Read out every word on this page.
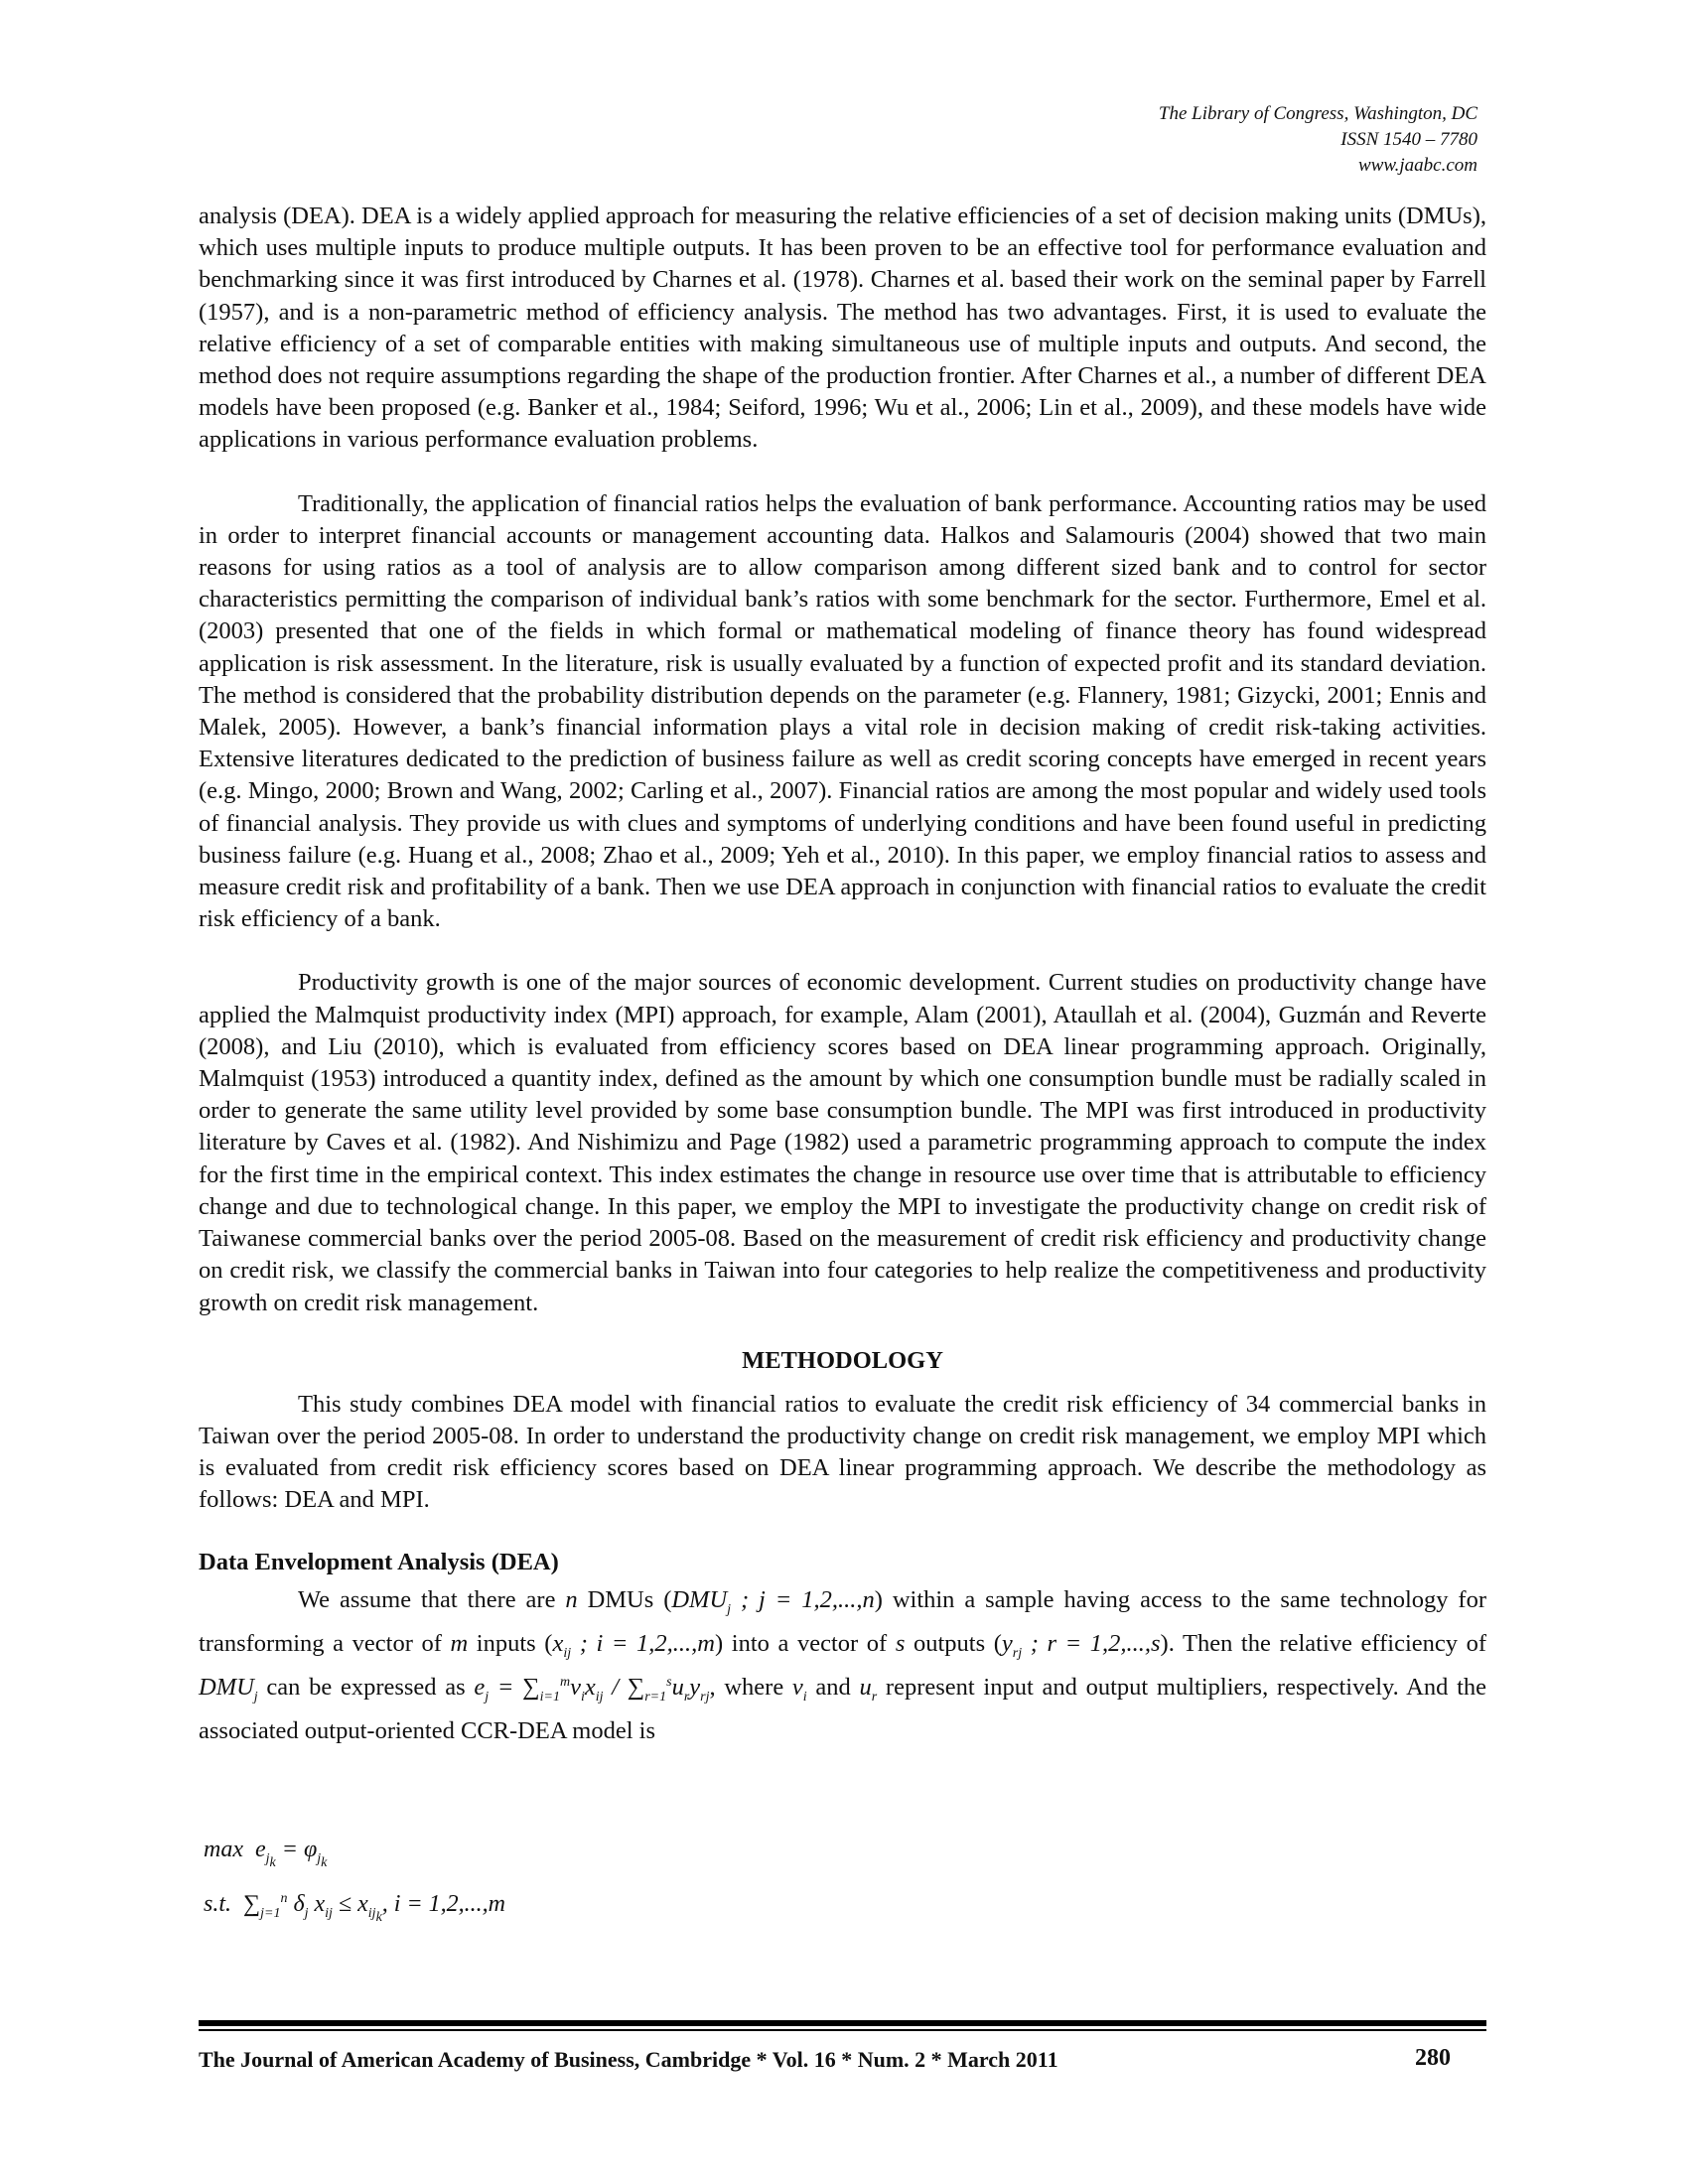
The Library of Congress, Washington, DC
ISSN 1540 – 7780
www.jaabc.com

analysis (DEA). DEA is a widely applied approach for measuring the relative efficiencies of a set of decision making units (DMUs), which uses multiple inputs to produce multiple outputs. It has been proven to be an effective tool for performance evaluation and benchmarking since it was first introduced by Charnes et al. (1978). Charnes et al. based their work on the seminal paper by Farrell (1957), and is a non-parametric method of efficiency analysis. The method has two advantages. First, it is used to evaluate the relative efficiency of a set of comparable entities with making simultaneous use of multiple inputs and outputs. And second, the method does not require assumptions regarding the shape of the production frontier. After Charnes et al., a number of different DEA models have been proposed (e.g. Banker et al., 1984; Seiford, 1996; Wu et al., 2006; Lin et al., 2009), and these models have wide applications in various performance evaluation problems.

Traditionally, the application of financial ratios helps the evaluation of bank performance. Accounting ratios may be used in order to interpret financial accounts or management accounting data. Halkos and Salamouris (2004) showed that two main reasons for using ratios as a tool of analysis are to allow comparison among different sized bank and to control for sector characteristics permitting the comparison of individual bank’s ratios with some benchmark for the sector. Furthermore, Emel et al. (2003) presented that one of the fields in which formal or mathematical modeling of finance theory has found widespread application is risk assessment. In the literature, risk is usually evaluated by a function of expected profit and its standard deviation. The method is considered that the probability distribution depends on the parameter (e.g. Flannery, 1981; Gizycki, 2001; Ennis and Malek, 2005). However, a bank’s financial information plays a vital role in decision making of credit risk-taking activities. Extensive literatures dedicated to the prediction of business failure as well as credit scoring concepts have emerged in recent years (e.g. Mingo, 2000; Brown and Wang, 2002; Carling et al., 2007). Financial ratios are among the most popular and widely used tools of financial analysis. They provide us with clues and symptoms of underlying conditions and have been found useful in predicting business failure (e.g. Huang et al., 2008; Zhao et al., 2009; Yeh et al., 2010). In this paper, we employ financial ratios to assess and measure credit risk and profitability of a bank. Then we use DEA approach in conjunction with financial ratios to evaluate the credit risk efficiency of a bank.

Productivity growth is one of the major sources of economic development. Current studies on productivity change have applied the Malmquist productivity index (MPI) approach, for example, Alam (2001), Ataullah et al. (2004), Guzmán and Reverte (2008), and Liu (2010), which is evaluated from efficiency scores based on DEA linear programming approach. Originally, Malmquist (1953) introduced a quantity index, defined as the amount by which one consumption bundle must be radially scaled in order to generate the same utility level provided by some base consumption bundle. The MPI was first introduced in productivity literature by Caves et al. (1982). And Nishimizu and Page (1982) used a parametric programming approach to compute the index for the first time in the empirical context. This index estimates the change in resource use over time that is attributable to efficiency change and due to technological change. In this paper, we employ the MPI to investigate the productivity change on credit risk of Taiwanese commercial banks over the period 2005-08. Based on the measurement of credit risk efficiency and productivity change on credit risk, we classify the commercial banks in Taiwan into four categories to help realize the competitiveness and productivity growth on credit risk management.

METHODOLOGY

This study combines DEA model with financial ratios to evaluate the credit risk efficiency of 34 commercial banks in Taiwan over the period 2005-08. In order to understand the productivity change on credit risk management, we employ MPI which is evaluated from credit risk efficiency scores based on DEA linear programming approach. We describe the methodology as follows: DEA and MPI.

Data Envelopment Analysis (DEA)

We assume that there are n DMUs ($DMU_j$ ; j = 1,2,...,n) within a sample having access to the same technology for transforming a vector of m inputs ($x_{ij}$ ; i = 1,2,...,m) into a vector of s outputs ($y_{rj}$ ; r = 1,2,...,s). Then the relative efficiency of $DMU_j$ can be expressed as $e_j = \sum_{i=1}^mv_ix_{ij} / \sum_{r=1}^su_ry_{rj}$, where $v_i$ and $u_r$ represent input and output multipliers, respectively. And the associated output-oriented CCR-DEA model is

$\max e_{j_k} = \varphi_{j_k}$
s.t.  $\sum_{j=1}^n$ $\delta_j$ $x_{ij} \le x_{ij_k}$, i = 1,2,...,m
The Journal of American Academy of Business, Cambridge * Vol. 16 * Num. 2 * March 2011	280
